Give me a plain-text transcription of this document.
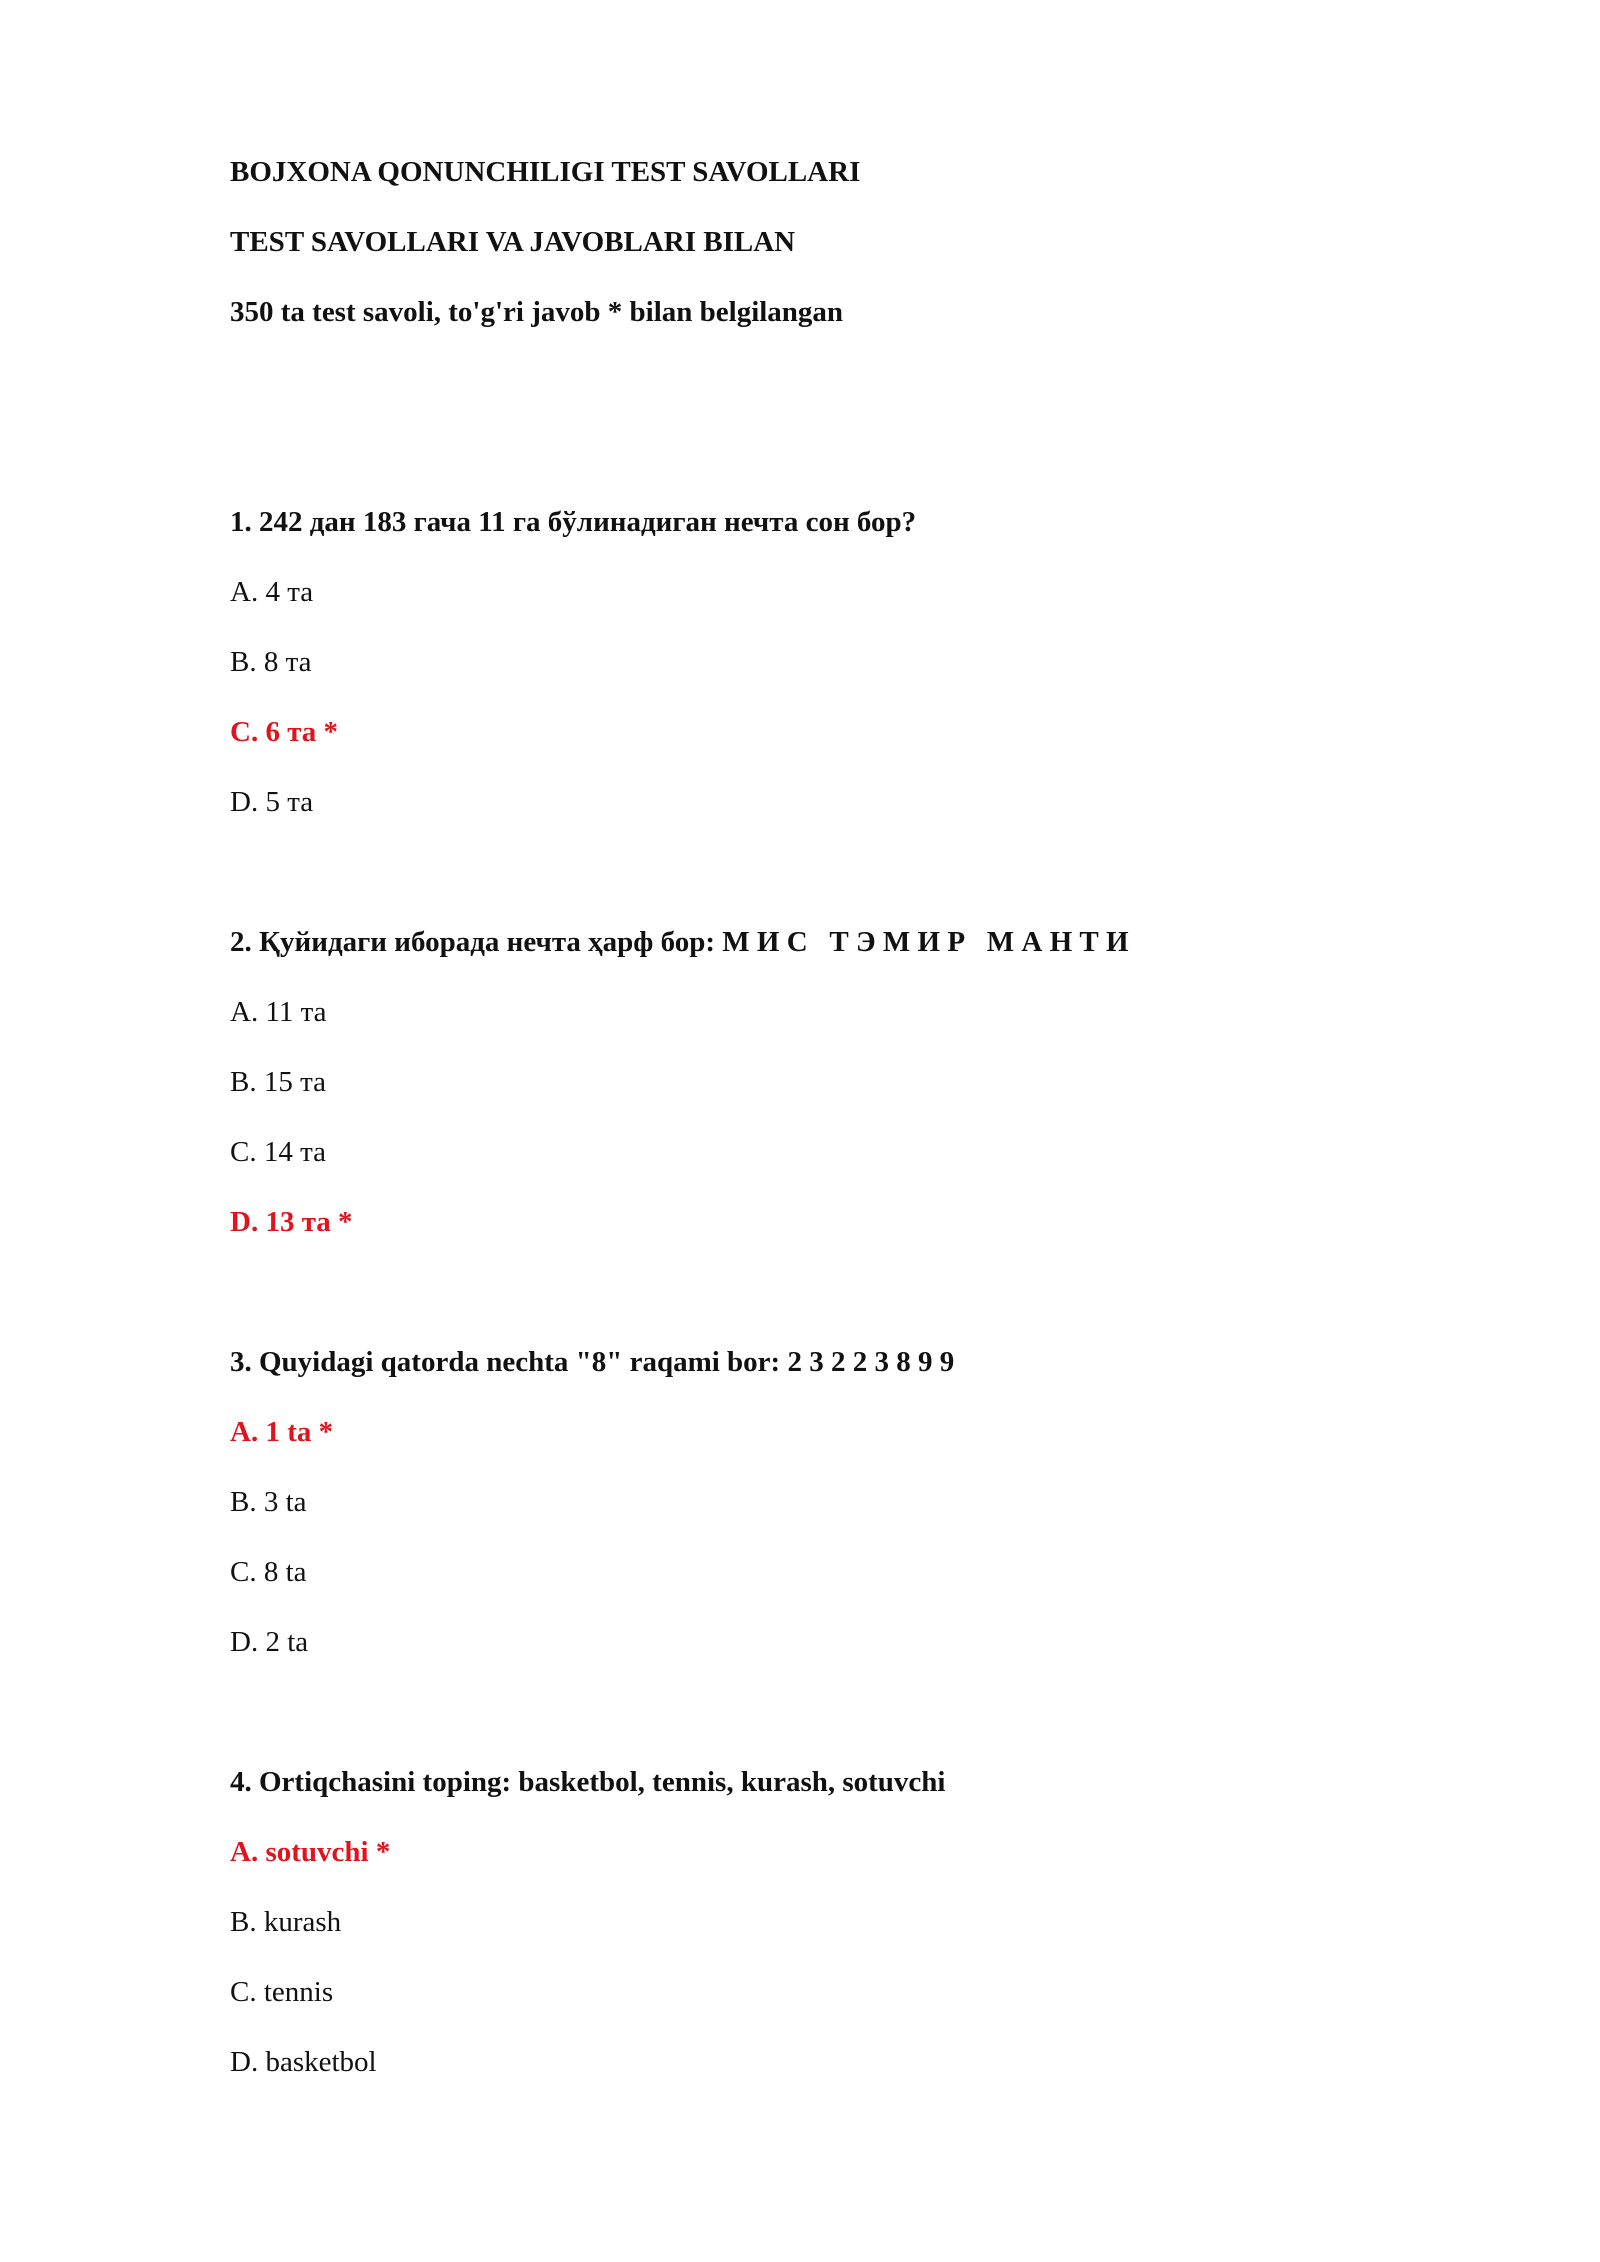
BOJXONA QONUNCHILIGI TEST SAVOLLARI
TEST SAVOLLARI VA JAVOBLARI BILAN
350 ta test savoli, to'g'ri javob * bilan belgilangan
1. 242 дан 183 гача 11 га бўлинадиган нечта сон бор?
A. 4 та
B. 8 та
C. 6 та *
D. 5 та
2. Қуйидаги иборада нечта ҳарф бор: М И С   Т Э М И Р   М А Н Т И
A. 11 та
B. 15 та
C. 14 та
D. 13 та *
3. Quyidagi qatorda nechta "8" raqami bor: 2 3 2 2 3 8 9 9
A. 1 ta *
B. 3 ta
C. 8 ta
D. 2 ta
4. Ortiqchasini toping: basketbol, tennis, kurash, sotuvchi
A. sotuvchi *
B. kurash
C. tennis
D. basketbol
